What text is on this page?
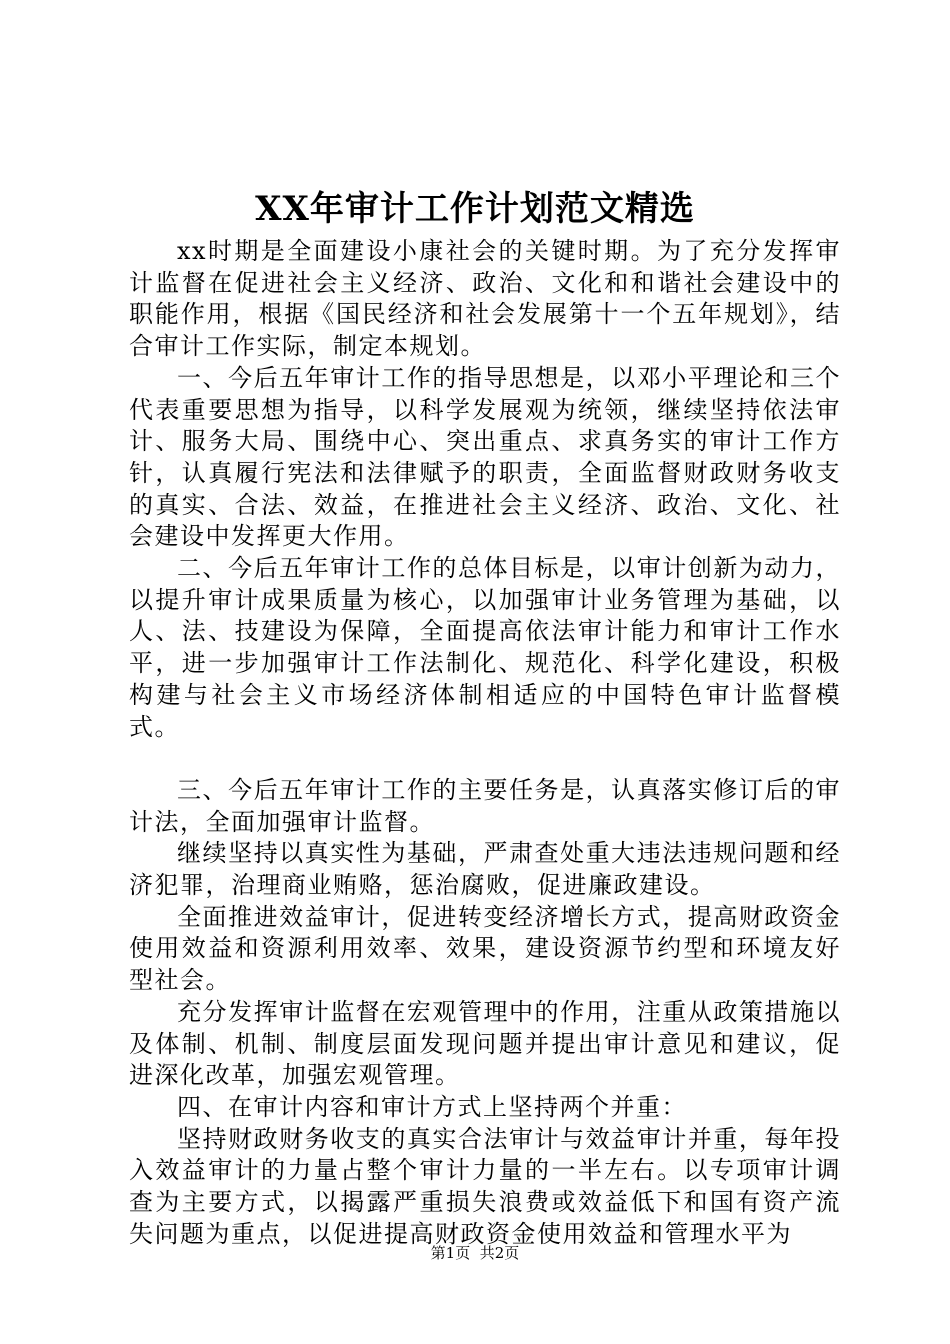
XX年审计工作计划范文精选

xx时期是全面建设小康社会的关键时期。为了充分发挥审计监督在促进社会主义经济、政治、文化和和谐社会建设中的职能作用，根据《国民经济和社会发展第十一个五年规划》，结合审计工作实际，制定本规划。

一、今后五年审计工作的指导思想是，以邓小平理论和三个代表重要思想为指导，以科学发展观为统领，继续坚持依法审计、服务大局、围绕中心、突出重点、求真务实的审计工作方针，认真履行宪法和法律赋予的职责，全面监督财政财务收支的真实、合法、效益，在推进社会主义经济、政治、文化、社会建设中发挥更大作用。

二、今后五年审计工作的总体目标是，以审计创新为动力，以提升审计成果质量为核心，以加强审计业务管理为基础，以人、法、技建设为保障，全面提高依法审计能力和审计工作水平，进一步加强审计工作法制化、规范化、科学化建设，积极构建与社会主义市场经济体制相适应的中国特色审计监督模式。

三、今后五年审计工作的主要任务是，认真落实修订后的审计法，全面加强审计监督。

继续坚持以真实性为基础，严肃查处重大违法违规问题和经济犯罪，治理商业贿赂，惩治腐败，促进廉政建设。

全面推进效益审计，促进转变经济增长方式，提高财政资金使用效益和资源利用效率、效果，建设资源节约型和环境友好型社会。

充分发挥审计监督在宏观管理中的作用，注重从政策措施以及体制、机制、制度层面发现问题并提出审计意见和建议，促进深化改革，加强宏观管理。

四、在审计内容和审计方式上坚持两个并重：

坚持财政财务收支的真实合法审计与效益审计并重，每年投入效益审计的力量占整个审计力量的一半左右。以专项审计调查为主要方式，以揭露严重损失浪费或效益低下和国有资产流失问题为重点，以促进提高财政资金使用效益和管理水平为

第1页 共2页
